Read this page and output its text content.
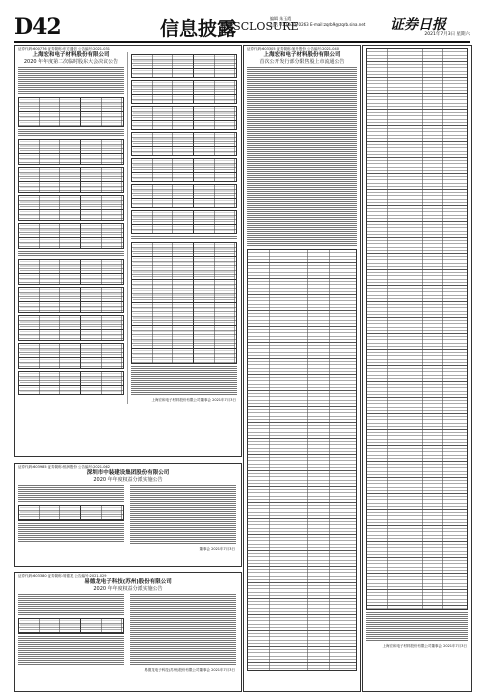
D42	信息披露
DISCLOSURE
编辑 朱玉霞
电话 010-63070263 E-mail:zqrb9@zqrb.sina.net	证券日报
2021年7月3日 星期六
证券代码:600776 证券简称:东方通信 公告编号:2021-031
上海宏和电子材料股份有限公司
2020 年年度第二次临时股东大会决议公告
上海宏和电子材料股份有限公司董事会 2021年7月3日
证券代码:603985 证券简称:恒润股份 公告编号:2021-062
深圳市中装建设集团股份有限公司
2020 年年度权益分派实施公告
董事会 2021年7月3日
证券代码:603380 证券简称:易德龙 公告编号:2021-029
易德龙电子科技(苏州)股份有限公司
2020 年年度权益分派实施公告
易德龙电子科技(苏州)股份有限公司董事会 2021年7月3日
证券代码:603305 证券简称:旭升股份 公告编号:2021-040
上海宏和电子材料股份有限公司
首次公开发行部分限售股上市流通公告
上海宏和电子材料股份有限公司董事会 2021年7月3日
